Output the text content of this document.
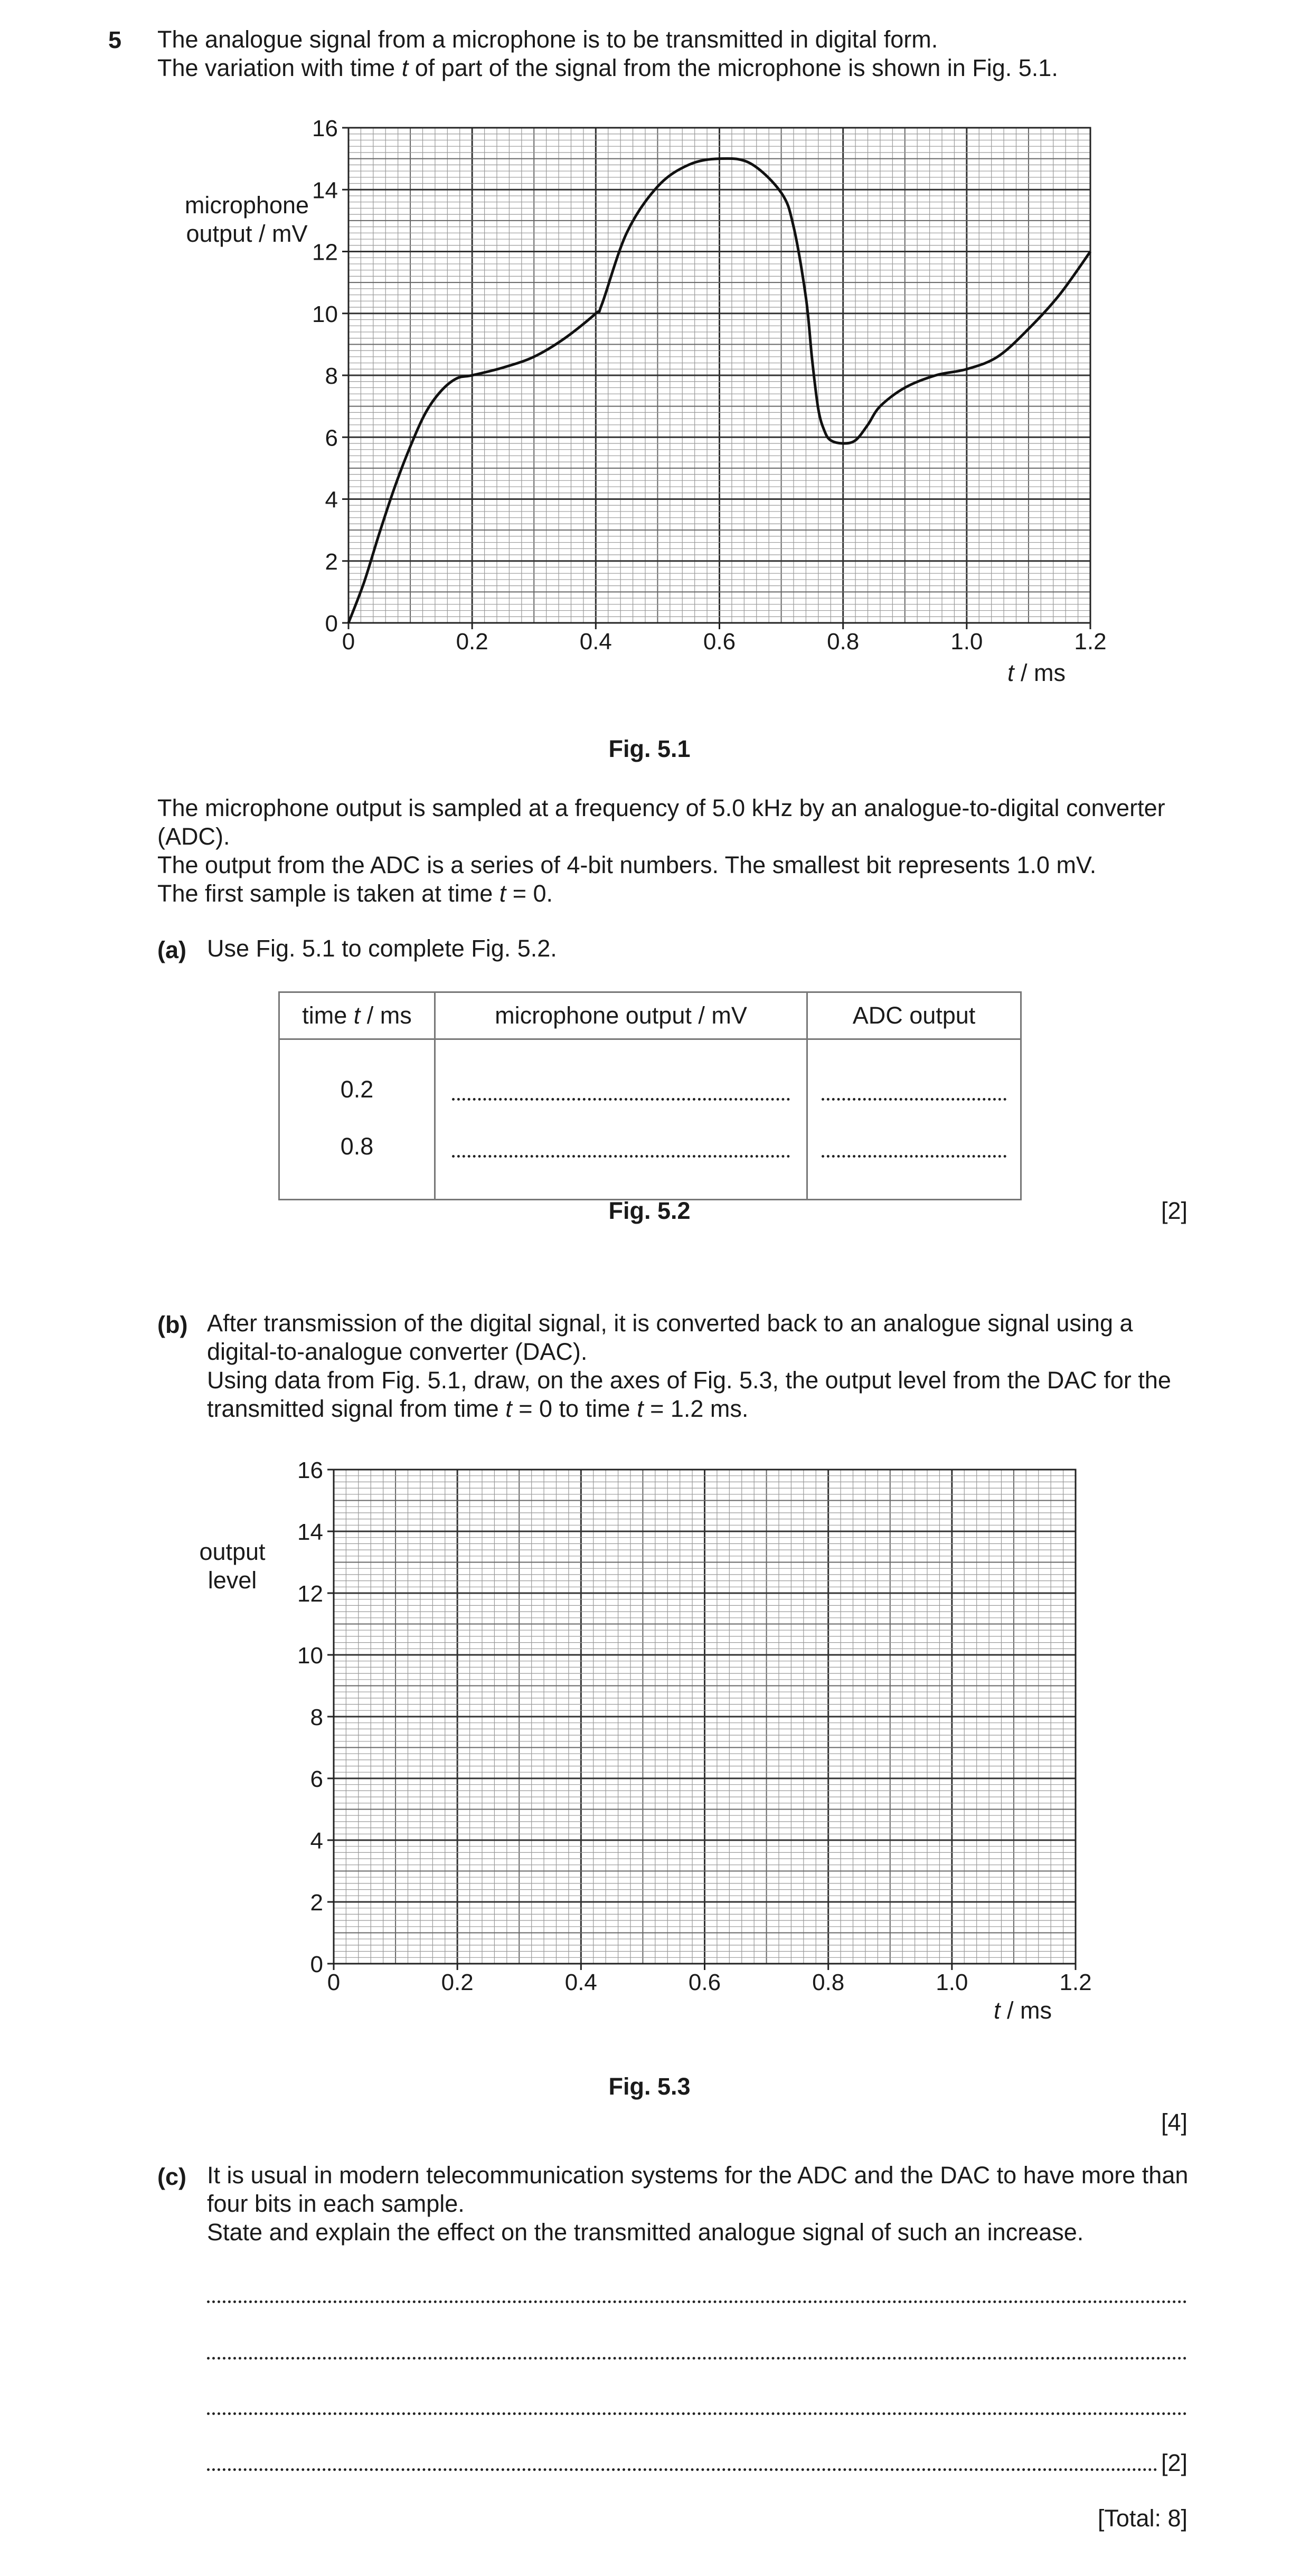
5 The analogue signal from a microphone is to be transmitted in digital form.
The variation with time t of part of the signal from the microphone is shown in Fig. 5.1.
0	0.2	0.4	0.6	0.8	1.0	1.2
0
2
4
6
8
10
12
14
16
microphone
output / mV
t / ms
Fig. 5.1
The microphone output is sampled at a frequency of 5.0 kHz by an analogue-to-digital converter
(ADC).
The output from the ADC is a series of 4-bit numbers. The smallest bit represents 1.0 mV.
The first sample is taken at time t = 0.
(a) Use Fig. 5.1 to complete Fig. 5.2.
time t / ms	microphone output / mV	ADC output

0.2
0.8		

Fig. 5.2	[2]
(b) After transmission of the digital signal, it is converted back to an analogue signal using a
digital-to-analogue converter (DAC).
Using data from Fig. 5.1, draw, on the axes of Fig. 5.3, the output level from the DAC for the
transmitted signal from time t = 0 to time t = 1.2 ms.
0	0.2	0.4	0.6	0.8	1.0	1.2
0
2
4
6
8
10
12
14
16
output
level
t / ms
Fig. 5.3
[4]
(c) It is usual in modern telecommunication systems for the ADC and the DAC to have more than
four bits in each sample.
State and explain the effect on the transmitted analogue signal of such an increase.
[2]
[Total: 8]
